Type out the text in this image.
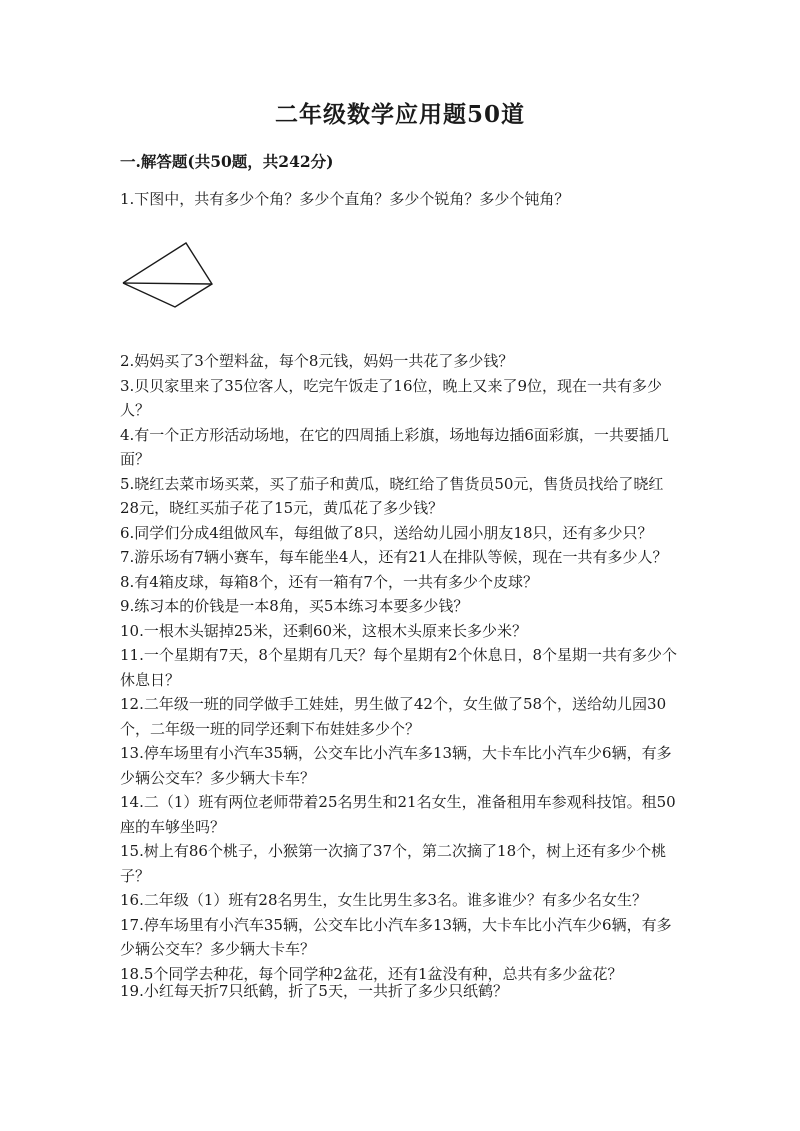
二年级数学应用题50道
一.解答题(共50题，共242分)
1.下图中，共有多少个角？多少个直角？多少个锐角？多少个钝角？

2.妈妈买了3个塑料盆，每个8元钱，妈妈一共花了多少钱？

3.贝贝家里来了35位客人，吃完午饭走了16位，晚上又来了9位，现在一共有多少人？

4.有一个正方形活动场地，在它的四周插上彩旗，场地每边插6面彩旗，一共要插几面？

5.晓红去菜市场买菜，买了茄子和黄瓜，晓红给了售货员50元，售货员找给了晓红28元，晓红买茄子花了15元，黄瓜花了多少钱？

6.同学们分成4组做风车，每组做了8只，送给幼儿园小朋友18只，还有多少只？

7.游乐场有7辆小赛车，每车能坐4人，还有21人在排队等候，现在一共有多少人？

8.有4箱皮球，每箱8个，还有一箱有7个，一共有多少个皮球？

9.练习本的价钱是一本8角，买5本练习本要多少钱？

10.一根木头锯掉25米，还剩60米，这根木头原来长多少米？

11.一个星期有7天，8个星期有几天？每个星期有2个休息日，8个星期一共有多少个休息日？

12.二年级一班的同学做手工娃娃，男生做了42个，女生做了58个，送给幼儿园30个，二年级一班的同学还剩下布娃娃多少个？

13.停车场里有小汽车35辆，公交车比小汽车多13辆，大卡车比小汽车少6辆，有多少辆公交车？多少辆大卡车？

14.二（1）班有两位老师带着25名男生和21名女生，准备租用车参观科技馆。租50座的车够坐吗？

15.树上有86个桃子，小猴第一次摘了37个，第二次摘了18个，树上还有多少个桃子？

16.二年级（1）班有28名男生，女生比男生多3名。谁多谁少？有多少名女生？

17.停车场里有小汽车35辆，公交车比小汽车多13辆，大卡车比小汽车少6辆，有多少辆公交车？多少辆大卡车？

18.5个同学去种花，每个同学种2盆花，还有1盆没有种，总共有多少盆花？

19.小红每天折7只纸鹤，折了5天，一共折了多少只纸鹤？
